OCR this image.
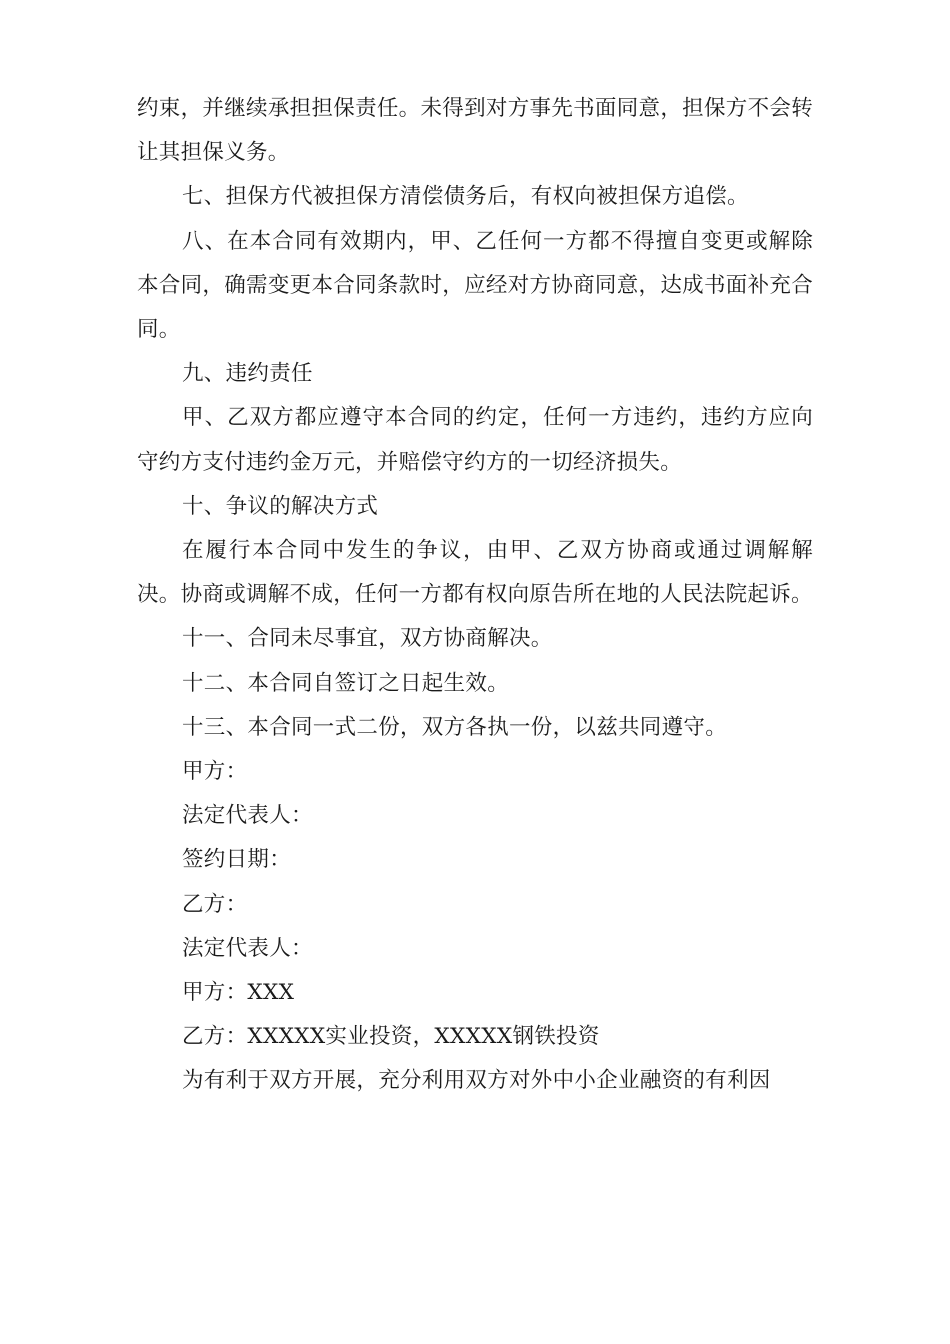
约束，并继续承担担保责任。未得到对方事先书面同意，担保方不会转让其担保义务。

七、担保方代被担保方清偿债务后，有权向被担保方追偿。

八、在本合同有效期内，甲、乙任何一方都不得擅自变更或解除本合同，确需变更本合同条款时，应经对方协商同意，达成书面补充合同。

九、违约责任

甲、乙双方都应遵守本合同的约定，任何一方违约，违约方应向守约方支付违约金万元，并赔偿守约方的一切经济损失。

十、争议的解决方式

在履行本合同中发生的争议，由甲、乙双方协商或通过调解解决。协商或调解不成，任何一方都有权向原告所在地的人民法院起诉。

十一、合同未尽事宜，双方协商解决。

十二、本合同自签订之日起生效。

十三、本合同一式二份，双方各执一份，以兹共同遵守。

甲方：

法定代表人：

签约日期：

乙方：

法定代表人：

甲方：XXX

乙方：XXXXX实业投资，XXXXX钢铁投资

为有利于双方开展，充分利用双方对外中小企业融资的有利因
